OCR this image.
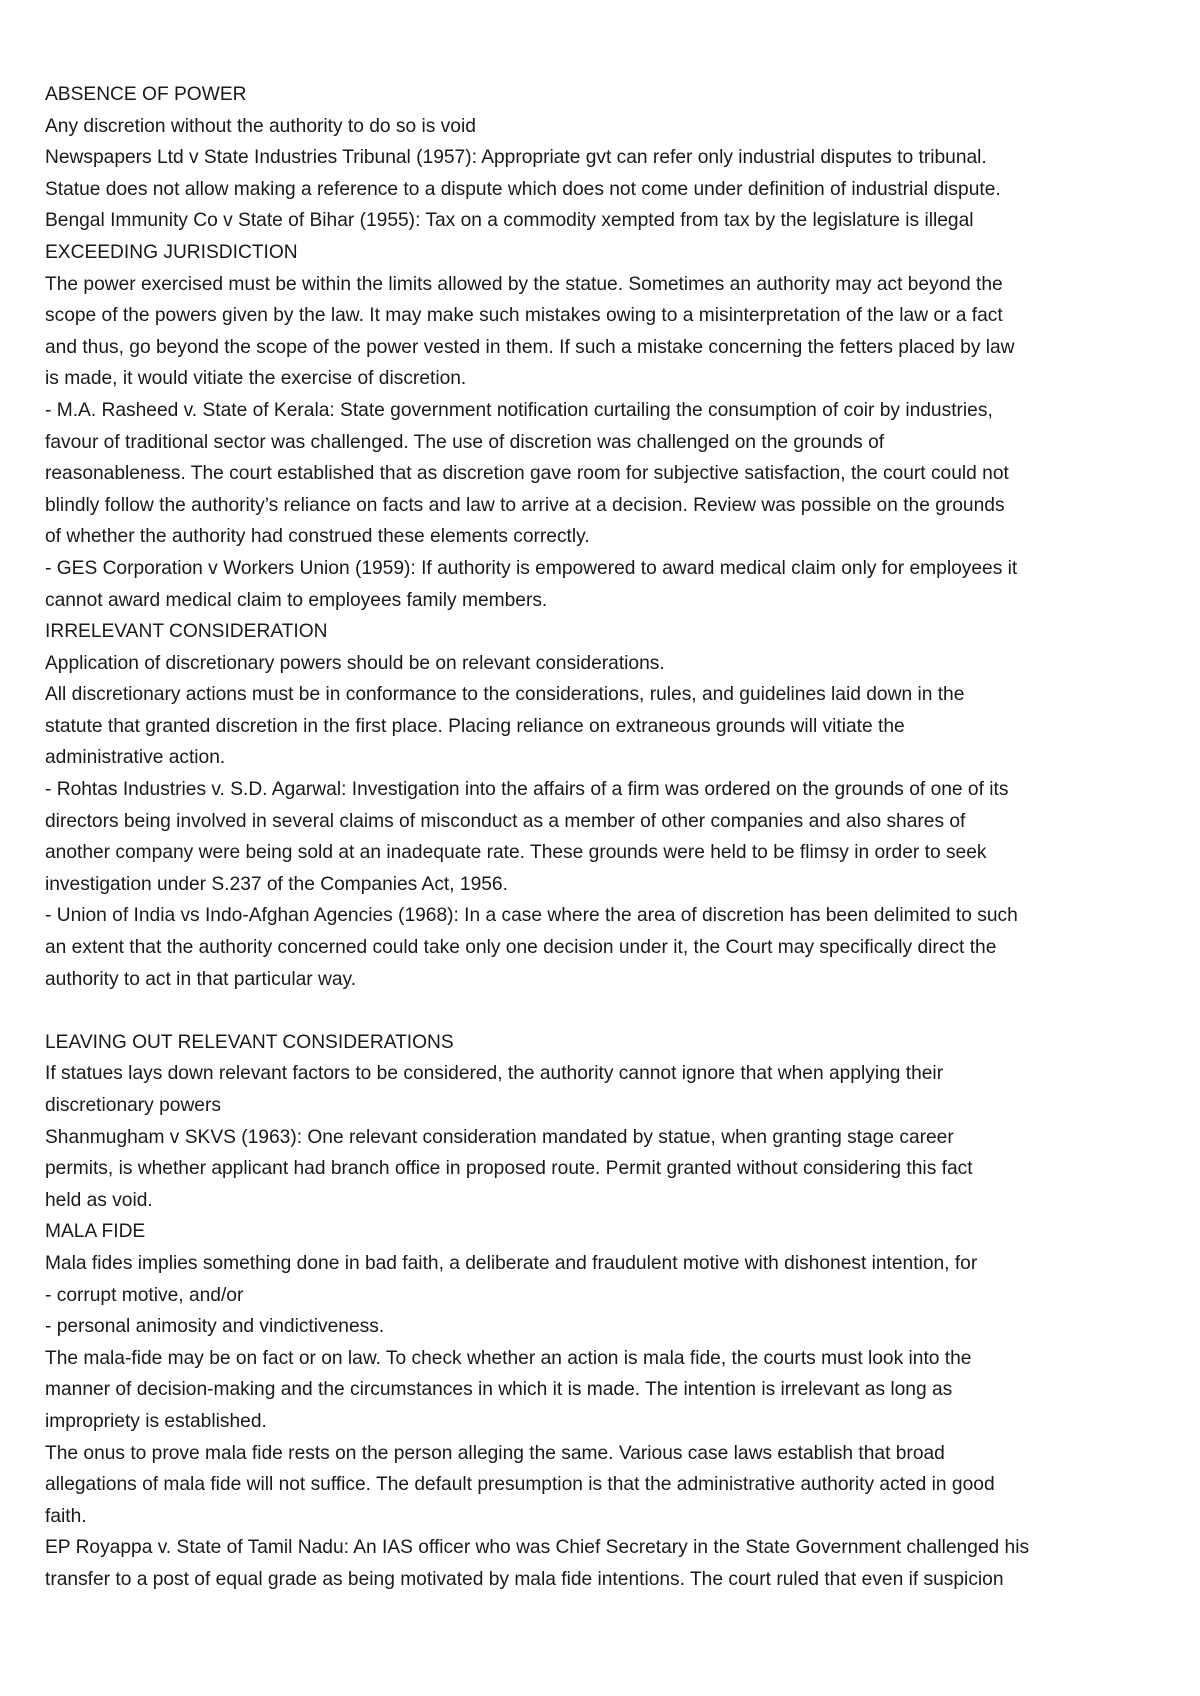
ABSENCE OF POWER
Any discretion without the authority to do so is void
Newspapers Ltd v State Industries Tribunal (1957): Appropriate gvt can refer only industrial disputes to tribunal.
Statue does not allow making a reference to a dispute which does not come under definition of industrial dispute.
Bengal Immunity Co v State of Bihar (1955): Tax on a commodity xempted from tax by the legislature is illegal
EXCEEDING JURISDICTION
The power exercised must be within the limits allowed by the statue. Sometimes an authority may act beyond the
scope of the powers given by the law. It may make such mistakes owing to a misinterpretation of the law or a fact
and thus, go beyond the scope of the power vested in them. If such a mistake concerning the fetters placed by law
is made, it would vitiate the exercise of discretion.
- M.A. Rasheed v. State of Kerala: State government notification curtailing the consumption of coir by industries,
favour of traditional sector was challenged. The use of discretion was challenged on the grounds of
reasonableness. The court established that as discretion gave room for subjective satisfaction, the court could not
blindly follow the authority’s reliance on facts and law to arrive at a decision. Review was possible on the grounds
of whether the authority had construed these elements correctly.
- GES Corporation v Workers Union (1959): If authority is empowered to award medical claim only for employees it
cannot award medical claim to employees family members.
IRRELEVANT CONSIDERATION
Application of discretionary powers should be on relevant considerations.
All discretionary actions must be in conformance to the considerations, rules, and guidelines laid down in the
statute that granted discretion in the first place. Placing reliance on extraneous grounds will vitiate the
administrative action.
- Rohtas Industries v. S.D. Agarwal: Investigation into the affairs of a firm was ordered on the grounds of one of its
directors being involved in several claims of misconduct as a member of other companies and also shares of
another company were being sold at an inadequate rate. These grounds were held to be flimsy in order to seek
investigation under S.237 of the Companies Act, 1956.
- Union of India vs Indo-Afghan Agencies (1968): In a case where the area of discretion has been delimited to such
an extent that the authority concerned could take only one decision under it, the Court may specifically direct the
authority to act in that particular way.
LEAVING OUT RELEVANT CONSIDERATIONS
If statues lays down relevant factors to be considered, the authority cannot ignore that when applying their
discretionary powers
Shanmugham v SKVS (1963): One relevant consideration mandated by statue, when granting stage career
permits, is whether applicant had branch office in proposed route. Permit granted without considering this fact
held as void.
MALA FIDE
Mala fides implies something done in bad faith, a deliberate and fraudulent motive with dishonest intention, for
- corrupt motive, and/or
- personal animosity and vindictiveness.
The mala-fide may be on fact or on law. To check whether an action is mala fide, the courts must look into the
manner of decision-making and the circumstances in which it is made. The intention is irrelevant as long as
impropriety is established.
The onus to prove mala fide rests on the person alleging the same. Various case laws establish that broad
allegations of mala fide will not suffice. The default presumption is that the administrative authority acted in good
faith.
EP Royappa v. State of Tamil Nadu: An IAS officer who was Chief Secretary in the State Government challenged his
transfer to a post of equal grade as being motivated by mala fide intentions. The court ruled that even if suspicion
